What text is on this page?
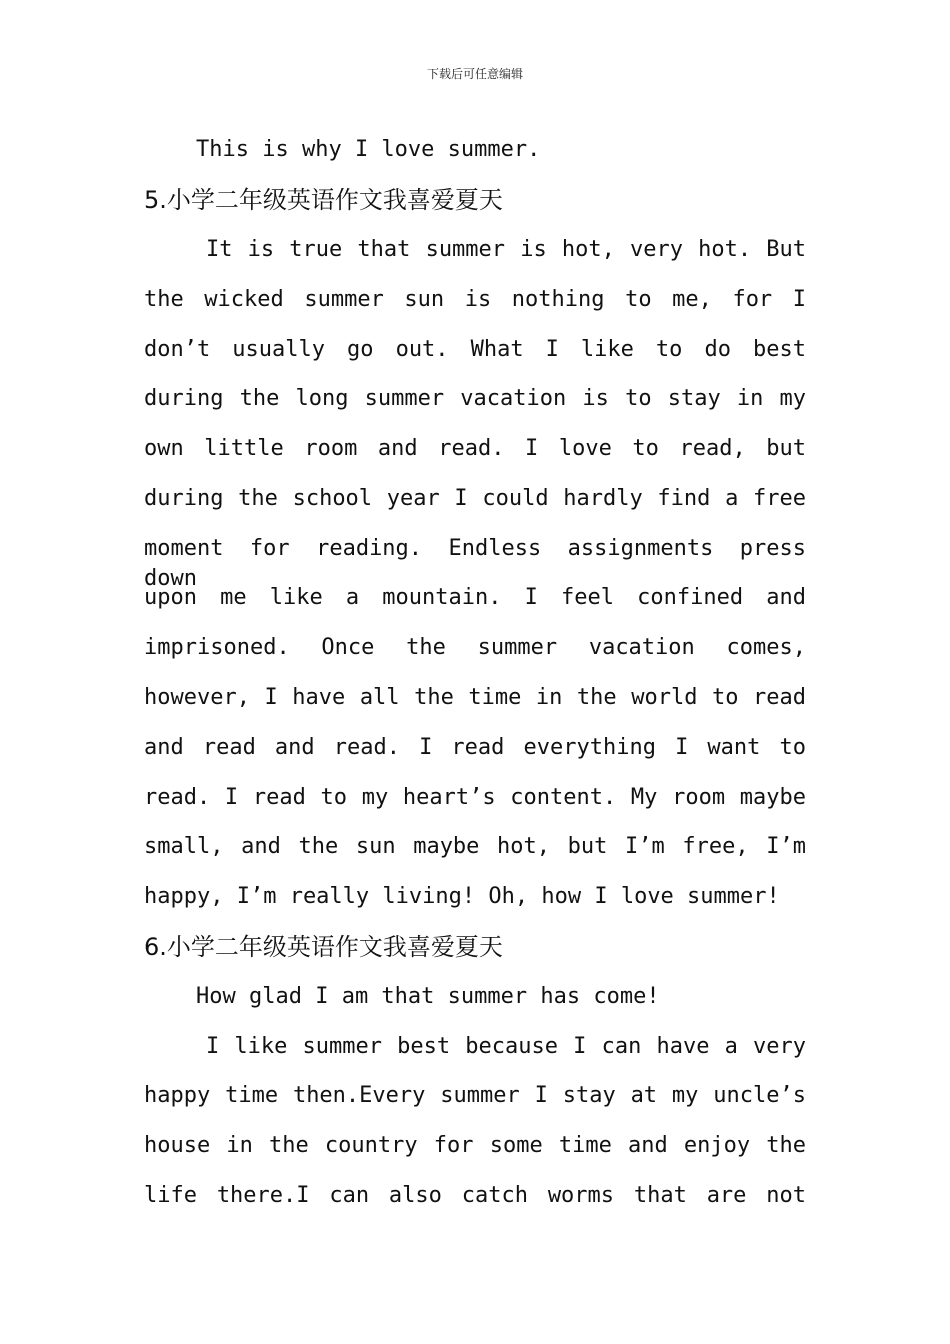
下载后可任意编辑
This is why I love summer.
5.小学二年级英语作文我喜爱夏天
It is true that summer is hot, very hot. But
the wicked summer sun is nothing to me, for I
don’t usually go out. What I like to do best
during the long summer vacation is to stay in my
own little room and read. I love to read, but
during the school year I could hardly find a free
moment for reading. Endless assignments press down
upon me like a mountain. I feel confined and
imprisoned. Once the summer vacation comes,
however, I have all the time in the world to read
and read and read. I read everything I want to
read. I read to my heart’s content. My room maybe
small, and the sun maybe hot, but I’m free, I’m
happy, I’m really living! Oh, how I love summer!
6.小学二年级英语作文我喜爱夏天
How glad I am that summer has come!
I like summer best because I can have a very
happy time then.Every summer I stay at my uncle’s
house in the country for some time and enjoy the
life there.I can also catch worms that are not
